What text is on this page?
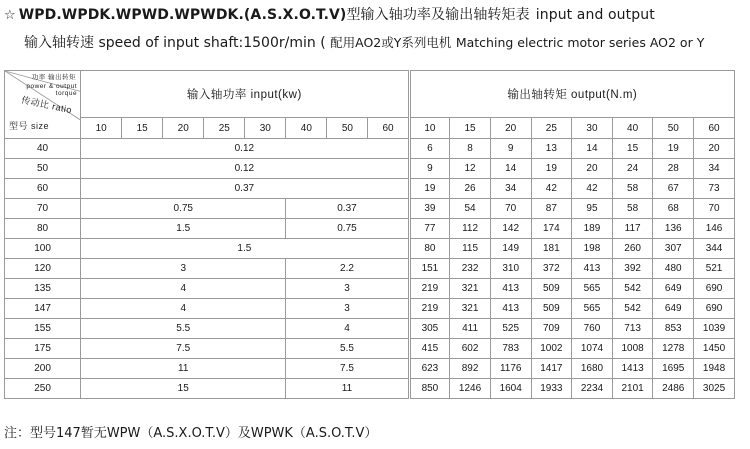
☆ WPD.WPDK.WPWD.WPWDK.(A.S.X.O.T.V)型输入轴功率及输出轴转矩表 input and output
输入轴转速 speed of input shaft:1500r/min ( 配用AO2或Y系列电机 Matching electric motor series AO2 or Y
功率 输出转矩
power & output torque
传动比 ratio
型号 size	输入轴功率 input(kw)								输出轴转矩 output(N.m)							
	10	15	20	25	30	40	50	60	10	15	20	25	30	40	50	60
40	0.12								6	8	9	13	14	15	19	20
50	0.12								9	12	14	19	20	24	28	34
60	0.37								19	26	34	42	42	58	67	73
70	0.75					0.37			39	54	70	87	95	58	68	70
80	1.5					0.75			77	112	142	174	189	117	136	146
100	1.5								80	115	149	181	198	260	307	344
120	3					2.2			151	232	310	372	413	392	480	521
135	4					3			219	321	413	509	565	542	649	690
147	4					3			219	321	413	509	565	542	649	690
155	5.5					4			305	411	525	709	760	713	853	1039
175	7.5					5.5			415	602	783	1002	1074	1008	1278	1450
200	11					7.5			623	892	1176	1417	1680	1413	1695	1948
250	15					11			850	1246	1604	1933	2234	2101	2486	3025
注：型号147暂无WPW（A.S.X.O.T.V）及WPWK（A.S.O.T.V）
